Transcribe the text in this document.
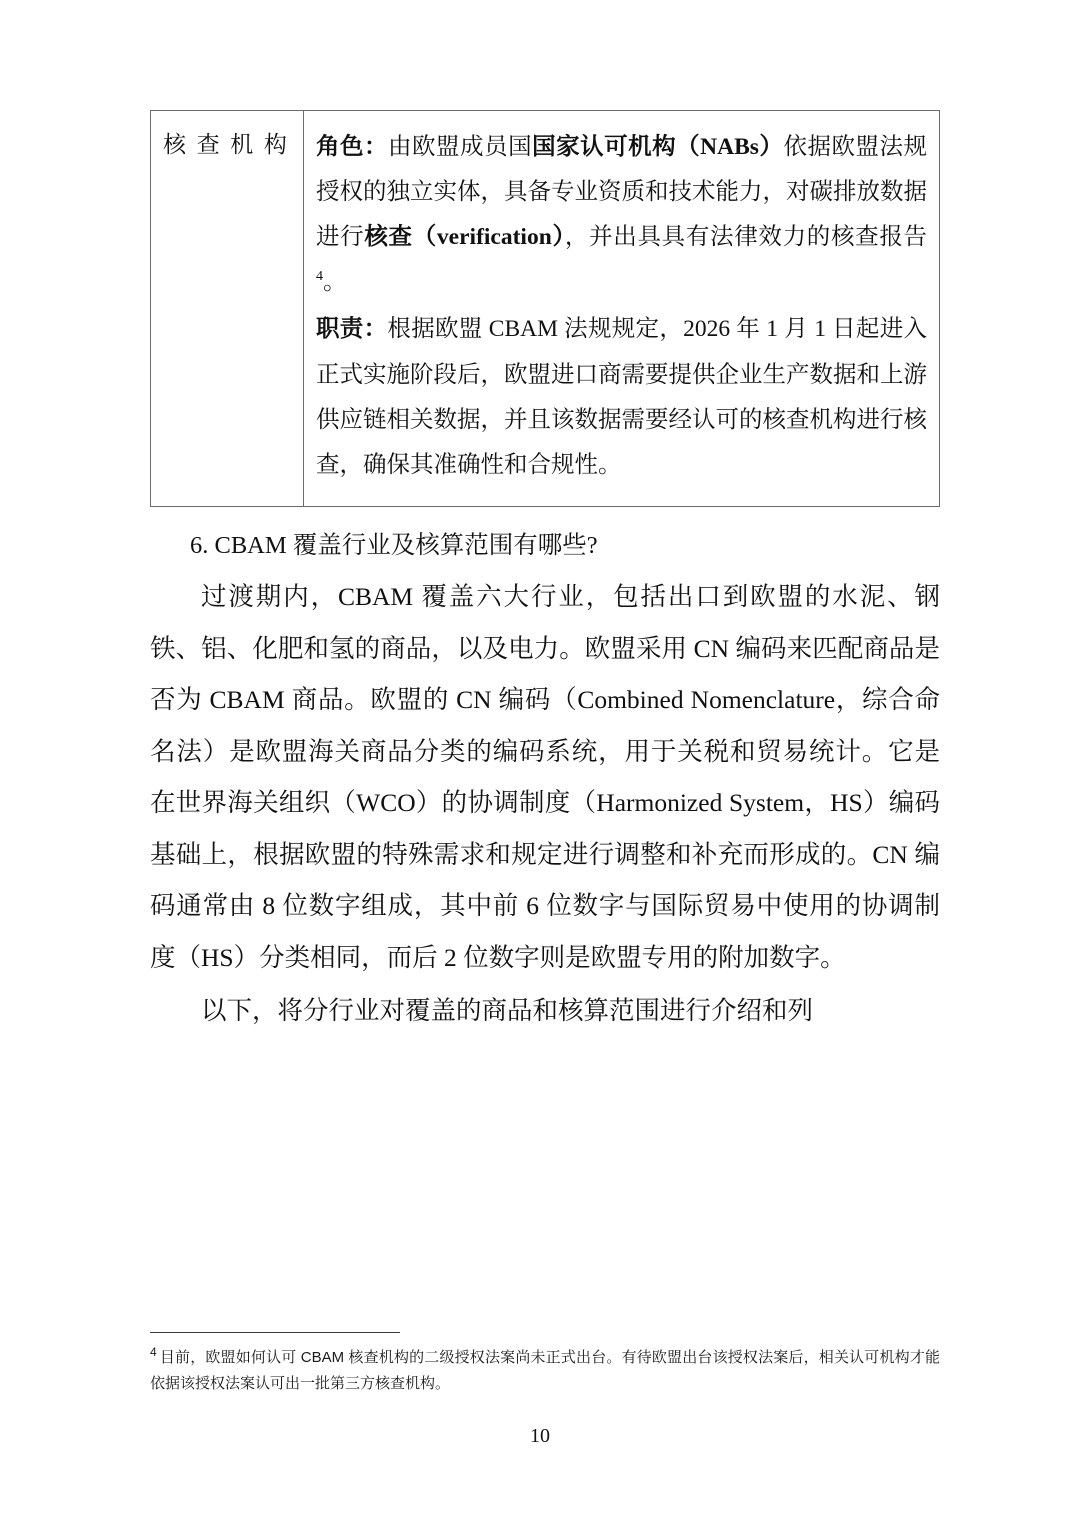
核查机构	角色：由欧盟成员国国家认可机构（NABs）依据欧盟法规授权的独立实体，具备专业资质和技术能力，对碳排放数据进行核查（verification），并出具具有法律效力的核查报告$^4$。

职责：根据欧盟 CBAM 法规规定，2026 年 1 月 1 日起进入正式实施阶段后，欧盟进口商需要提供企业生产数据和上游供应链相关数据，并且该数据需要经认可的核查机构进行核查，确保其准确性和合规性。

6. CBAM 覆盖行业及核算范围有哪些?

过渡期内，CBAM 覆盖六大行业，包括出口到欧盟的水泥、钢铁、铝、化肥和氢的商品，以及电力。欧盟采用 CN 编码来匹配商品是否为 CBAM 商品。欧盟的 CN 编码（Combined Nomenclature，综合命名法）是欧盟海关商品分类的编码系统，用于关税和贸易统计。它是在世界海关组织（WCO）的协调制度（Harmonized System，HS）编码基础上，根据欧盟的特殊需求和规定进行调整和补充而形成的。CN 编码通常由 8 位数字组成，其中前 6 位数字与国际贸易中使用的协调制度（HS）分类相同，而后 2 位数字则是欧盟专用的附加数字。

以下，将分行业对覆盖的商品和核算范围进行介绍和列

$^4$ 目前，欧盟如何认可 CBAM 核查机构的二级授权法案尚未正式出台。有待欧盟出台该授权法案后，相关认可机构才能依据该授权法案认可出一批第三方核查机构。
10
